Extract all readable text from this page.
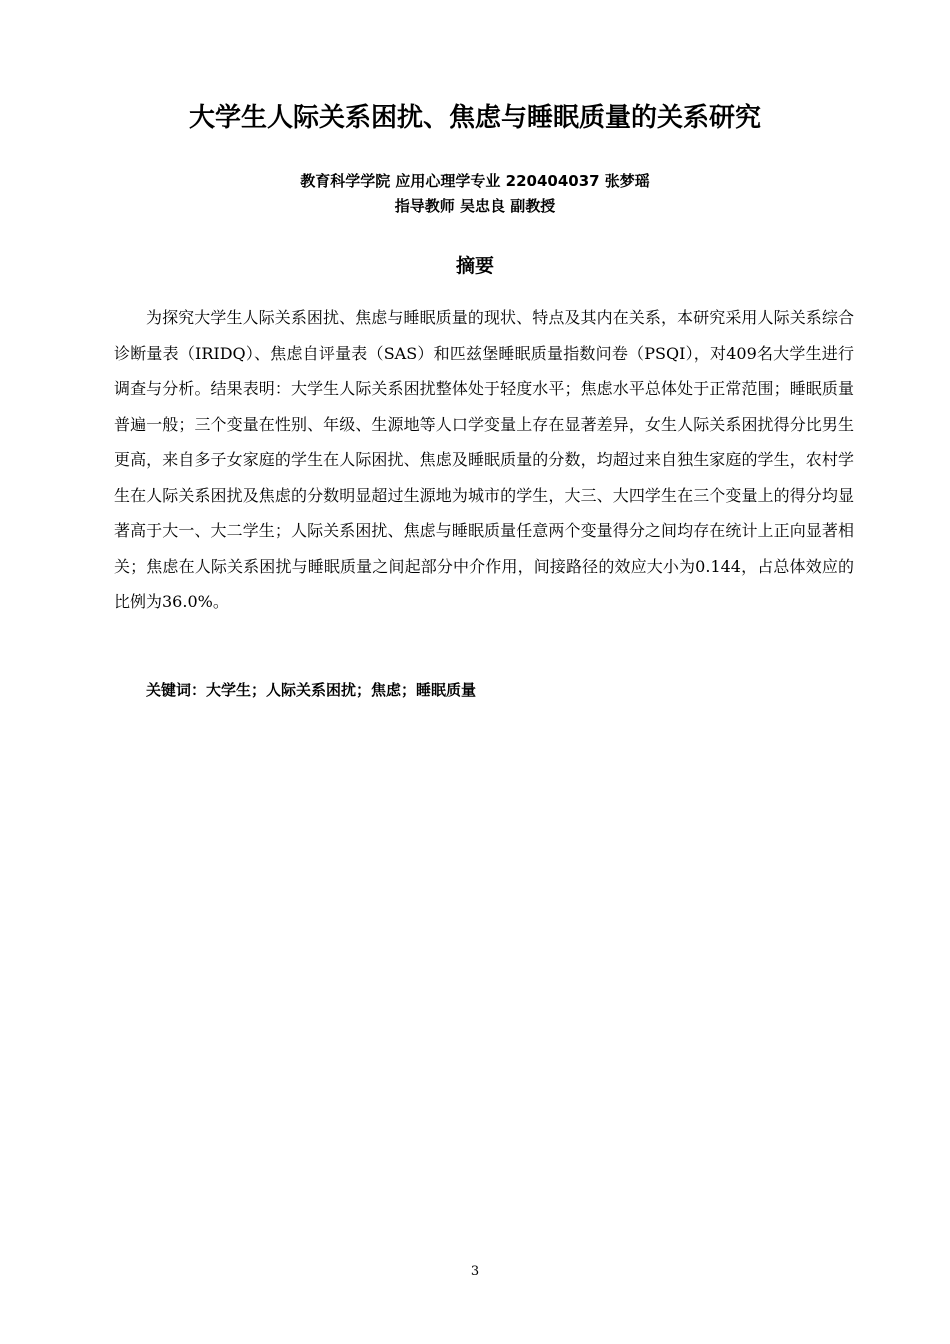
大学生人际关系困扰、焦虑与睡眠质量的关系研究

教育科学学院 应用心理学专业 220404037 张梦瑶

指导教师 吴忠良 副教授

摘要

为探究大学生人际关系困扰、焦虑与睡眠质量的现状、特点及其内在关系，本研究采用人际关系综合诊断量表（IRIDQ）、焦虑自评量表（SAS）和匹兹堡睡眠质量指数问卷（PSQI），对409名大学生进行调查与分析。结果表明：大学生人际关系困扰整体处于轻度水平；焦虑水平总体处于正常范围；睡眠质量普遍一般；三个变量在性别、年级、生源地等人口学变量上存在显著差异，女生人际关系困扰得分比男生更高，来自多子女家庭的学生在人际困扰、焦虑及睡眠质量的分数，均超过来自独生家庭的学生，农村学生在人际关系困扰及焦虑的分数明显超过生源地为城市的学生，大三、大四学生在三个变量上的得分均显著高于大一、大二学生；人际关系困扰、焦虑与睡眠质量任意两个变量得分之间均存在统计上正向显著相关；焦虑在人际关系困扰与睡眠质量之间起部分中介作用，间接路径的效应大小为0.144，占总体效应的比例为36.0%。

关键词：大学生；人际关系困扰；焦虑；睡眠质量

3
